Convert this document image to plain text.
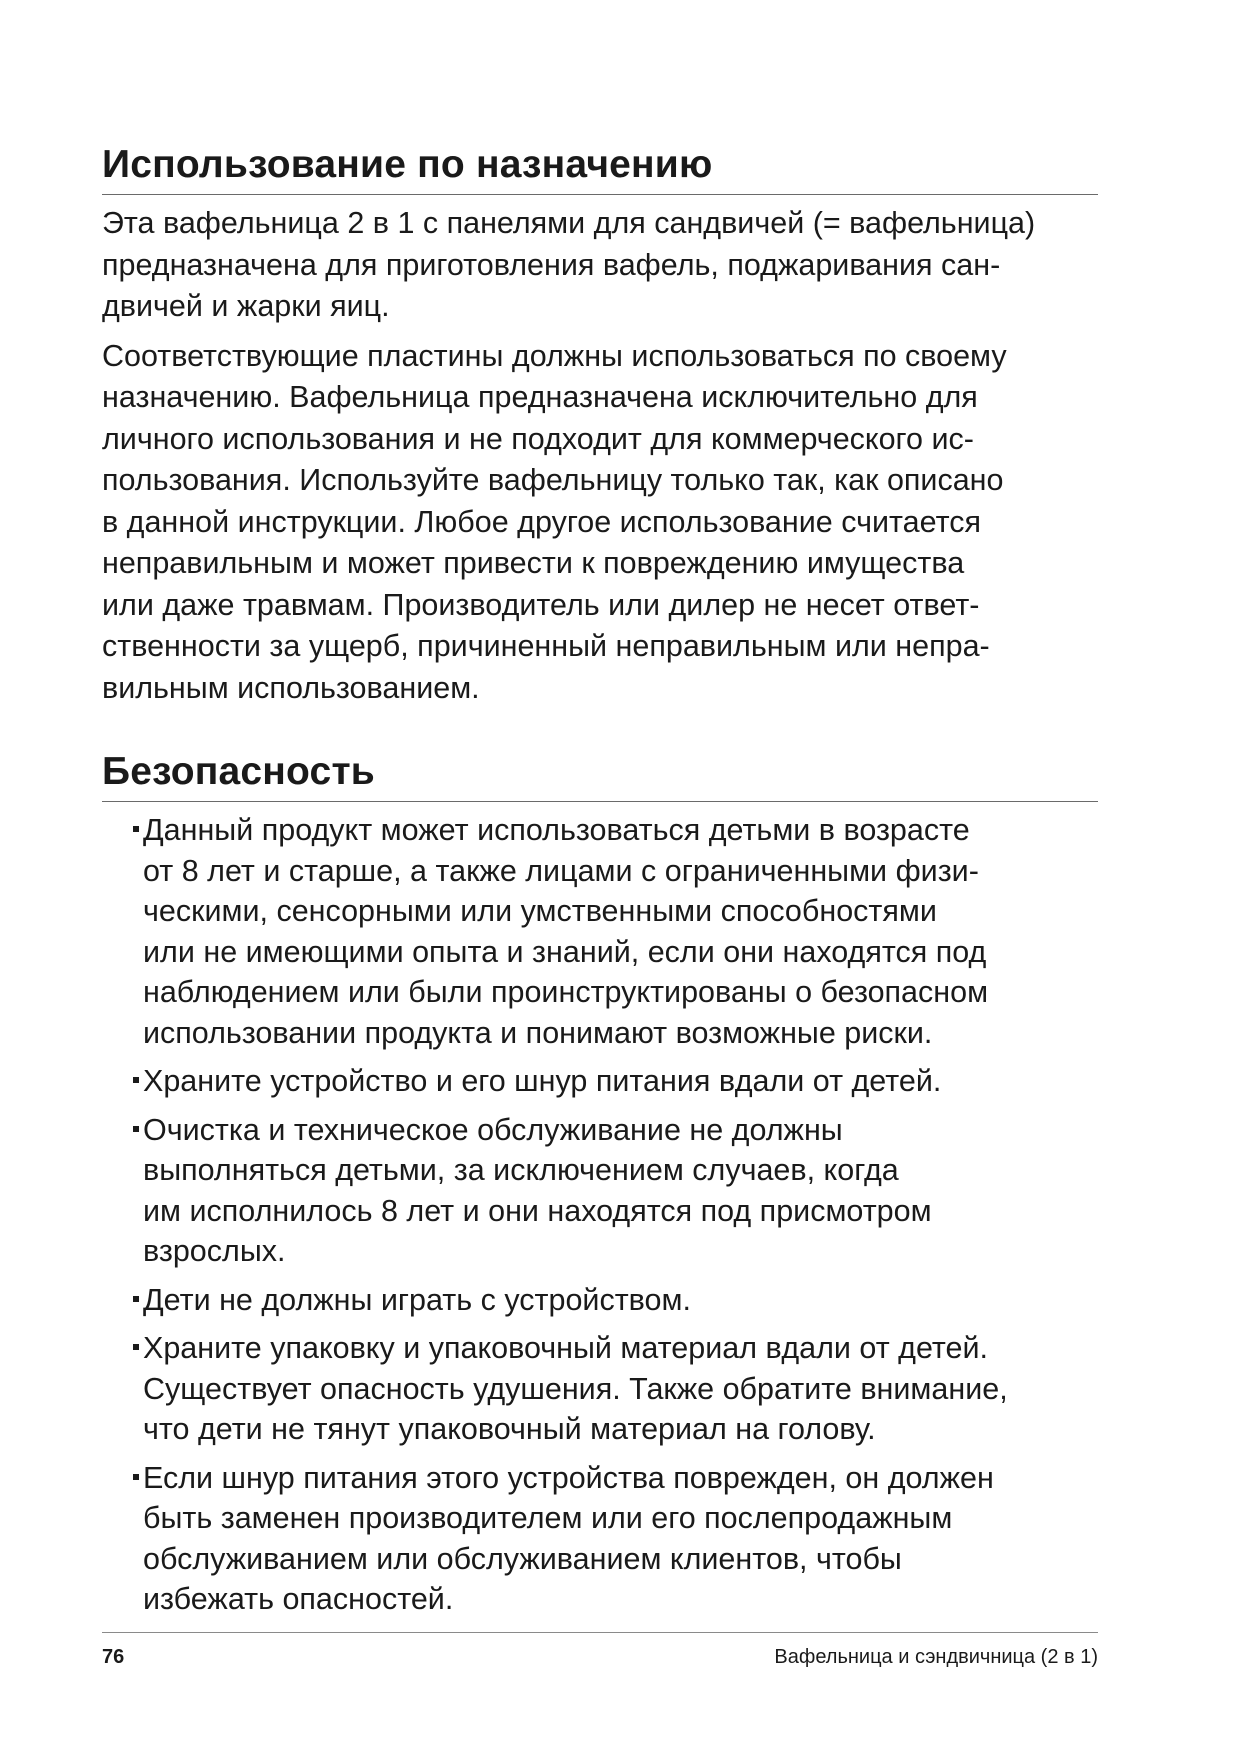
Использование по назначению

Эта вафельница 2 в 1 с панелями для сандвичей (= вафельница)
предназначена для приготовления вафель, поджаривания сан-
двичей и жарки яиц.

Соответствующие пластины должны использоваться по своему
назначению. Вафельница предназначена исключительно для
личного использования и не подходит для коммерческого ис-
пользования. Используйте вафельницу только так, как описано
в данной инструкции. Любое другое использование считается
неправильным и может привести к повреждению имущества
или даже травмам. Производитель или дилер не несет ответ-
ственности за ущерб, причиненный неправильным или непра-
вильным использованием.

Безопасность
Данный продукт может использоваться детьми в возрасте
от 8 лет и старше, а также лицами с ограниченными физи-
ческими, сенсорными или умственными способностями
или не имеющими опыта и знаний, если они находятся под
наблюдением или были проинструктированы о безопасном
использовании продукта и понимают возможные риски.
Храните устройство и его шнур питания вдали от детей.
Очистка и техническое обслуживание не должны
выполняться детьми, за исключением случаев, когда
им исполнилось 8 лет и они находятся под присмотром
взрослых.
Дети не должны играть с устройством.
Храните упаковку и упаковочный материал вдали от детей.
Существует опасность удушения. Также обратите внимание,
что дети не тянут упаковочный материал на голову.
Если шнур питания этого устройства поврежден, он должен
быть заменен производителем или его послепродажным
обслуживанием или обслуживанием клиентов, чтобы
избежать опасностей.
76	Вафельница и сэндвичница (2 в 1)
